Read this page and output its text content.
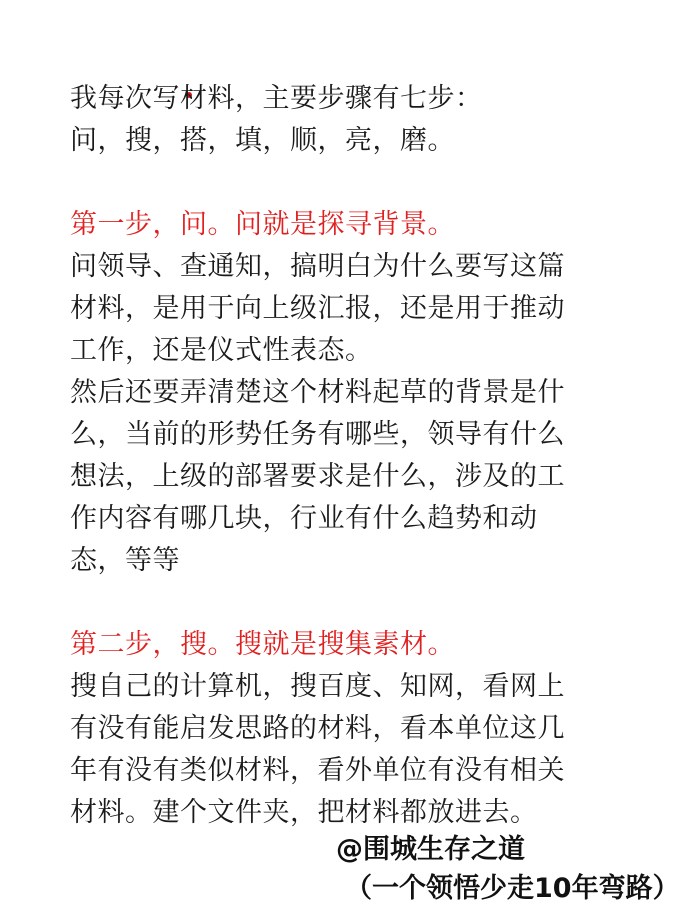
我每次写材料，主要步骤有七步：
问，搜，搭，填，顺，亮，磨。
第一步，问。问就是探寻背景。
问领导、查通知，搞明白为什么要写这篇
材料，是用于向上级汇报，还是用于推动
工作，还是仪式性表态。
然后还要弄清楚这个材料起草的背景是什
么，当前的形势任务有哪些，领导有什么
想法，上级的部署要求是什么，涉及的工
作内容有哪几块，行业有什么趋势和动
态，等等
第二步，搜。搜就是搜集素材。
搜自己的计算机，搜百度、知网，看网上
有没有能启发思路的材料，看本单位这几
年有没有类似材料，看外单位有没有相关
材料。建个文件夹，把材料都放进去。
@围城生存之道
（一个领悟少走10年弯路）
